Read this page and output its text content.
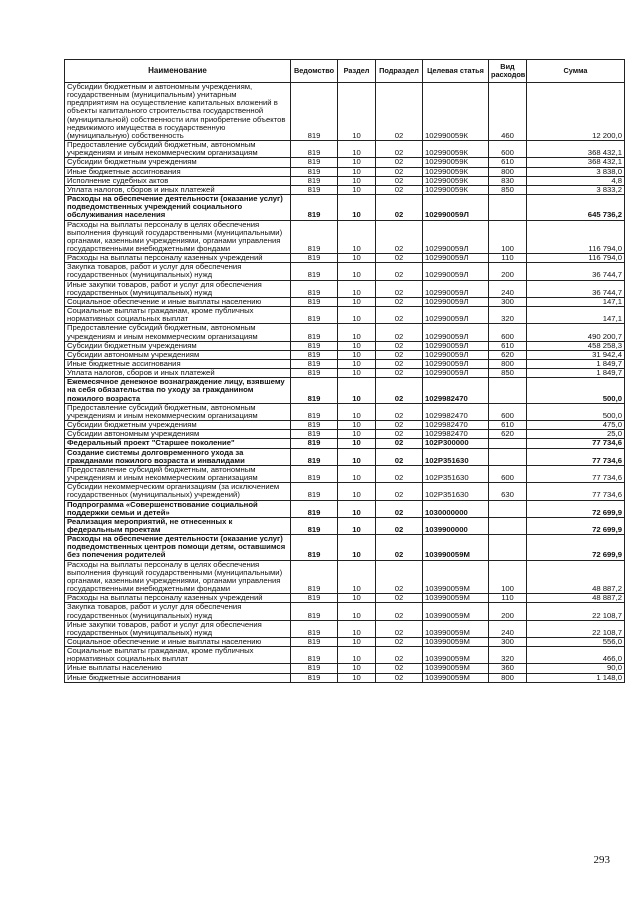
Наименование	Ведомство	Раздел	Подраздел	Целевая статья	Вид расходов	Сумма
Субсидии бюджетным и автономным учреждениям, государственным (муниципальным) унитарным предприятиям на осуществление капитальных вложений в объекты капитального строительства государственной (муниципальной) собственности или приобретение объектов недвижимого имущества в государственную (муниципальную) собственность	819	10	02	102990059К	460	12 200,0
Предоставление субсидий бюджетным, автономным учреждениям и иным некоммерческим организациям	819	10	02	102990059К	600	368 432,1
Субсидии бюджетным учреждениям	819	10	02	102990059К	610	368 432,1
Иные бюджетные ассигнования	819	10	02	102990059К	800	3 838,0
Исполнение судебных актов	819	10	02	102990059К	830	4,8
Уплата налогов, сборов и иных платежей	819	10	02	102990059К	850	3 833,2
Расходы на обеспечение деятельности (оказание услуг) подведомственных учреждений социального обслуживания населения	819	10	02	102990059Л		645 736,2
Расходы на выплаты персоналу в целях обеспечения выполнения функций государственными (муниципальными) органами, казенными учреждениями, органами управления государственными внебюджетными фондами	819	10	02	102990059Л	100	116 794,0
Расходы на выплаты персоналу казенных учреждений	819	10	02	102990059Л	110	116 794,0
Закупка товаров, работ и услуг для обеспечения государственных (муниципальных) нужд	819	10	02	102990059Л	200	36 744,7
Иные закупки товаров, работ и услуг для обеспечения государственных (муниципальных) нужд	819	10	02	102990059Л	240	36 744,7
Социальное обеспечение и иные выплаты населению	819	10	02	102990059Л	300	147,1
Социальные выплаты гражданам, кроме публичных нормативных социальных выплат	819	10	02	102990059Л	320	147,1
Предоставление субсидий бюджетным, автономным учреждениям и иным некоммерческим организациям	819	10	02	102990059Л	600	490 200,7
Субсидии бюджетным учреждениям	819	10	02	102990059Л	610	458 258,3
Субсидии автономным учреждениям	819	10	02	102990059Л	620	31 942,4
Иные бюджетные ассигнования	819	10	02	102990059Л	800	1 849,7
Уплата налогов, сборов и иных платежей	819	10	02	102990059Л	850	1 849,7
Ежемесячное денежное вознаграждение лицу, взявшему на себя обязательства по уходу за гражданином пожилого возраста	819	10	02	1029982470		500,0
Предоставление субсидий бюджетным, автономным учреждениям и иным некоммерческим организациям	819	10	02	1029982470	600	500,0
Субсидии бюджетным учреждениям	819	10	02	1029982470	610	475,0
Субсидии автономным учреждениям	819	10	02	1029982470	620	25,0
Федеральный проект "Старшее поколение"	819	10	02	102P300000		77 734,6
Создание системы долговременного ухода за гражданами пожилого возраста и инвалидами	819	10	02	102P351630		77 734,6
Предоставление субсидий бюджетным, автономным учреждениям и иным некоммерческим организациям	819	10	02	102P351630	600	77 734,6
Субсидии некоммерческим организациям (за исключением государственных (муниципальных) учреждений)	819	10	02	102P351630	630	77 734,6
Подпрограмма «Совершенствование социальной поддержки семьи и детей»	819	10	02	1030000000		72 699,9
Реализация мероприятий, не отнесенных к федеральным проектам	819	10	02	1039900000		72 699,9
Расходы на обеспечение деятельности (оказание услуг) подведомственных центров помощи детям, оставшимся без попечения родителей	819	10	02	103990059М		72 699,9
Расходы на выплаты персоналу в целях обеспечения выполнения функций государственными (муниципальными) органами, казенными учреждениями, органами управления государственными внебюджетными фондами	819	10	02	103990059М	100	48 887,2
Расходы на выплаты персоналу казенных учреждений	819	10	02	103990059М	110	48 887,2
Закупка товаров, работ и услуг для обеспечения государственных (муниципальных) нужд	819	10	02	103990059М	200	22 108,7
Иные закупки товаров, работ и услуг для обеспечения государственных (муниципальных) нужд	819	10	02	103990059М	240	22 108,7
Социальное обеспечение и иные выплаты населению	819	10	02	103990059М	300	556,0
Социальные выплаты гражданам, кроме публичных нормативных социальных выплат	819	10	02	103990059М	320	466,0
Иные выплаты населению	819	10	02	103990059М	360	90,0
Иные бюджетные ассигнования	819	10	02	103990059М	800	1 148,0
293
